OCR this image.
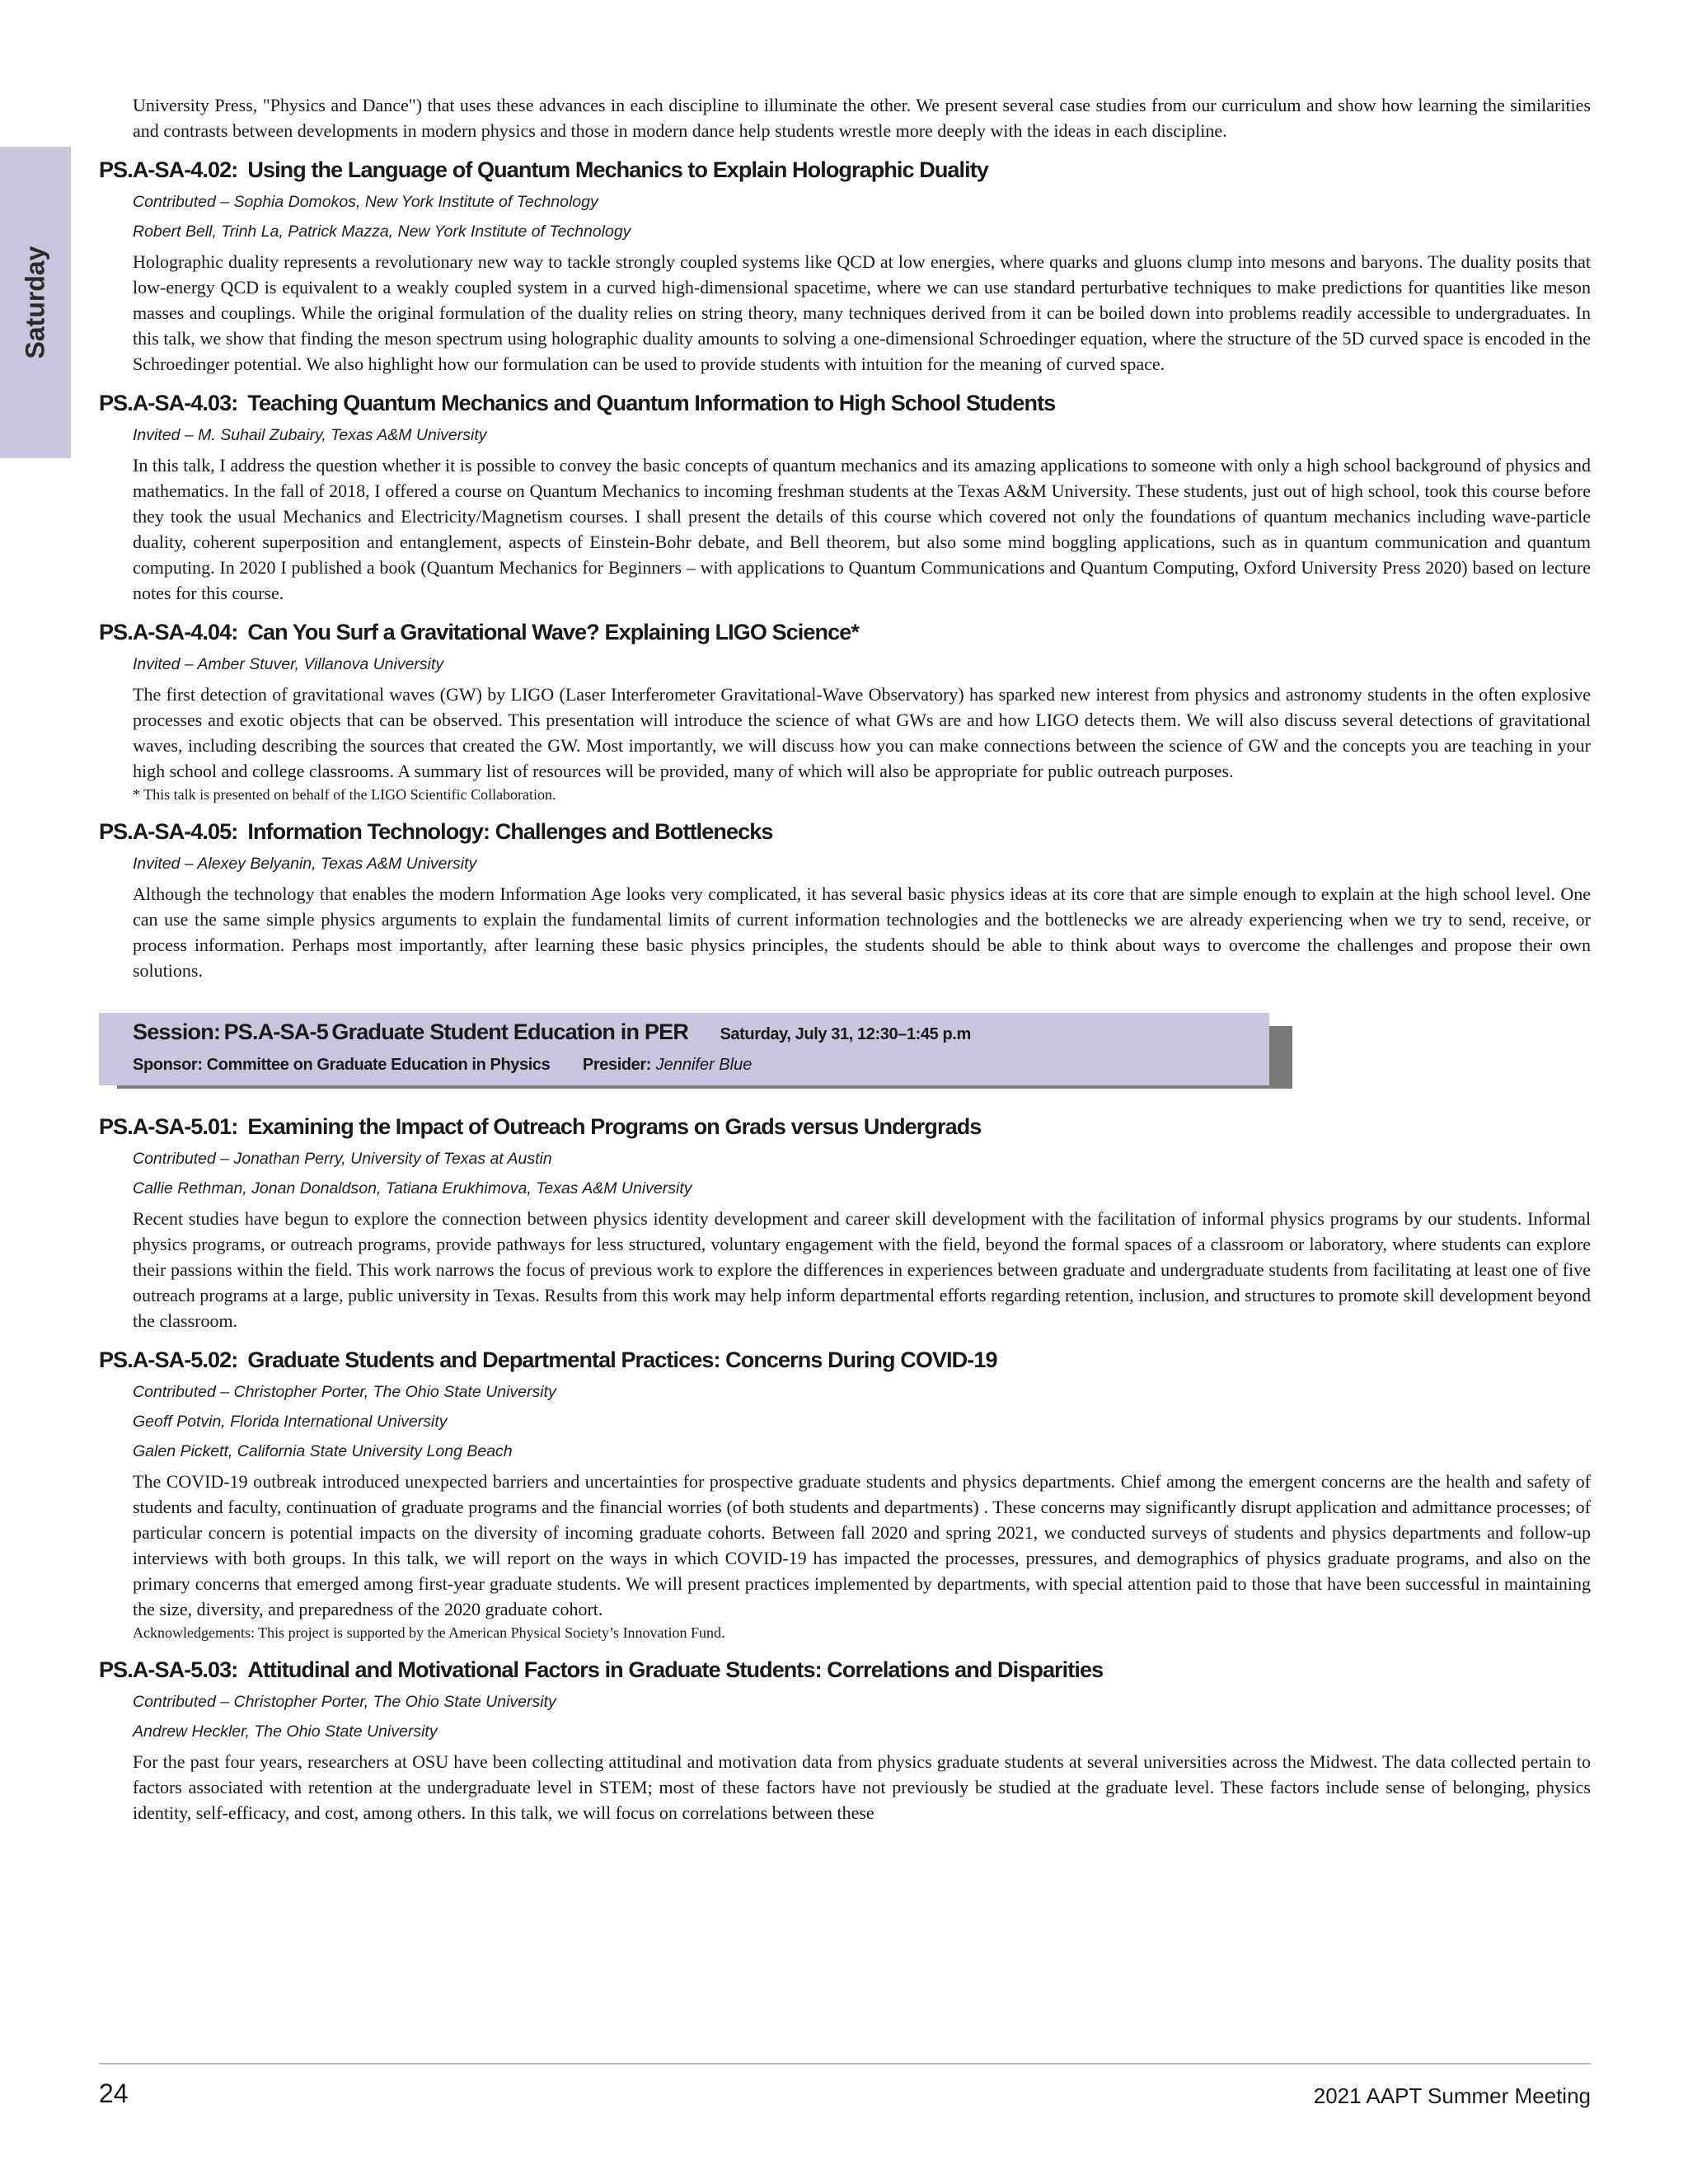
Saturday

University Press, "Physics and Dance") that uses these advances in each discipline to illuminate the other. We present several case studies from our curriculum and show how learning the similarities and contrasts between developments in modern physics and those in modern dance help students wrestle more deeply with the ideas in each discipline.

PS.A-SA-4.02: Using the Language of Quantum Mechanics to Explain Holographic Duality
Contributed – Sophia Domokos, New York Institute of Technology
Robert Bell, Trinh La, Patrick Mazza, New York Institute of Technology

Holographic duality represents a revolutionary new way to tackle strongly coupled systems like QCD at low energies, where quarks and gluons clump into mesons and baryons. The duality posits that low-energy QCD is equivalent to a weakly coupled system in a curved high-dimensional spacetime, where we can use standard perturbative techniques to make predictions for quantities like meson masses and couplings. While the original formulation of the duality relies on string theory, many techniques derived from it can be boiled down into problems readily accessible to undergraduates. In this talk, we show that finding the meson spectrum using holographic duality amounts to solving a one-dimensional Schroedinger equation, where the structure of the 5D curved space is encoded in the Schroedinger potential. We also highlight how our formulation can be used to provide students with intuition for the meaning of curved space.

PS.A-SA-4.03: Teaching Quantum Mechanics and Quantum Information to High School Students
Invited – M. Suhail Zubairy, Texas A&M University

In this talk, I address the question whether it is possible to convey the basic concepts of quantum mechanics and its amazing applications to someone with only a high school background of physics and mathematics. In the fall of 2018, I offered a course on Quantum Mechanics to incoming freshman students at the Texas A&M University. These students, just out of high school, took this course before they took the usual Mechanics and Electricity/Magnetism courses. I shall present the details of this course which covered not only the foundations of quantum mechanics including wave-particle duality, coherent superposition and entanglement, aspects of Einstein-Bohr debate, and Bell theorem, but also some mind boggling applications, such as in quantum communication and quantum computing. In 2020 I published a book (Quantum Mechanics for Beginners – with applications to Quantum Communications and Quantum Computing, Oxford University Press 2020) based on lecture notes for this course.

PS.A-SA-4.04: Can You Surf a Gravitational Wave? Explaining LIGO Science*
Invited – Amber Stuver, Villanova University

The first detection of gravitational waves (GW) by LIGO (Laser Interferometer Gravitational-Wave Observatory) has sparked new interest from physics and astronomy students in the often explosive processes and exotic objects that can be observed. This presentation will introduce the science of what GWs are and how LIGO detects them. We will also discuss several detections of gravitational waves, including describing the sources that created the GW. Most importantly, we will discuss how you can make connections between the science of GW and the concepts you are teaching in your high school and college classrooms. A summary list of resources will be provided, many of which will also be appropriate for public outreach purposes.

* This talk is presented on behalf of the LIGO Scientific Collaboration.
PS.A-SA-4.05: Information Technology: Challenges and Bottlenecks
Invited – Alexey Belyanin, Texas A&M University

Although the technology that enables the modern Information Age looks very complicated, it has several basic physics ideas at its core that are simple enough to explain at the high school level. One can use the same simple physics arguments to explain the fundamental limits of current information technologies and the bottlenecks we are already experiencing when we try to send, receive, or process information. Perhaps most importantly, after learning these basic physics principles, the students should be able to think about ways to overcome the challenges and propose their own solutions.

Session: PS.A-SA-5 Graduate Student Education in PER Saturday, July 31, 12:30–1:45 p.m
Sponsor: Committee on Graduate Education in Physics Presider: Jennifer Blue
PS.A-SA-5.01: Examining the Impact of Outreach Programs on Grads versus Undergrads
Contributed – Jonathan Perry, University of Texas at Austin
Callie Rethman, Jonan Donaldson, Tatiana Erukhimova, Texas A&M University

Recent studies have begun to explore the connection between physics identity development and career skill development with the facilitation of informal physics programs by our students. Informal physics programs, or outreach programs, provide pathways for less structured, voluntary engagement with the field, beyond the formal spaces of a classroom or laboratory, where students can explore their passions within the field. This work narrows the focus of previous work to explore the differences in experiences between graduate and undergraduate students from facilitating at least one of five outreach programs at a large, public university in Texas. Results from this work may help inform departmental efforts regarding retention, inclusion, and structures to promote skill development beyond the classroom.

PS.A-SA-5.02: Graduate Students and Departmental Practices: Concerns During COVID-19
Contributed – Christopher Porter, The Ohio State University
Geoff Potvin, Florida International University
Galen Pickett, California State University Long Beach

The COVID-19 outbreak introduced unexpected barriers and uncertainties for prospective graduate students and physics departments. Chief among the emergent concerns are the health and safety of students and faculty, continuation of graduate programs and the financial worries (of both students and departments) . These concerns may significantly disrupt application and admittance processes; of particular concern is potential impacts on the diversity of incoming graduate cohorts. Between fall 2020 and spring 2021, we conducted surveys of students and physics departments and follow-up interviews with both groups. In this talk, we will report on the ways in which COVID-19 has impacted the processes, pressures, and demographics of physics graduate programs, and also on the primary concerns that emerged among first-year graduate students. We will present practices implemented by departments, with special attention paid to those that have been successful in maintaining the size, diversity, and preparedness of the 2020 graduate cohort.

Acknowledgements: This project is supported by the American Physical Society’s Innovation Fund.
PS.A-SA-5.03: Attitudinal and Motivational Factors in Graduate Students: Correlations and Disparities
Contributed – Christopher Porter, The Ohio State University
Andrew Heckler, The Ohio State University

For the past four years, researchers at OSU have been collecting attitudinal and motivation data from physics graduate students at several universities across the Midwest. The data collected pertain to factors associated with retention at the undergraduate level in STEM; most of these factors have not previously be studied at the graduate level. These factors include sense of belonging, physics identity, self-efficacy, and cost, among others. In this talk, we will focus on correlations between these

24	2021 AAPT Summer Meeting
